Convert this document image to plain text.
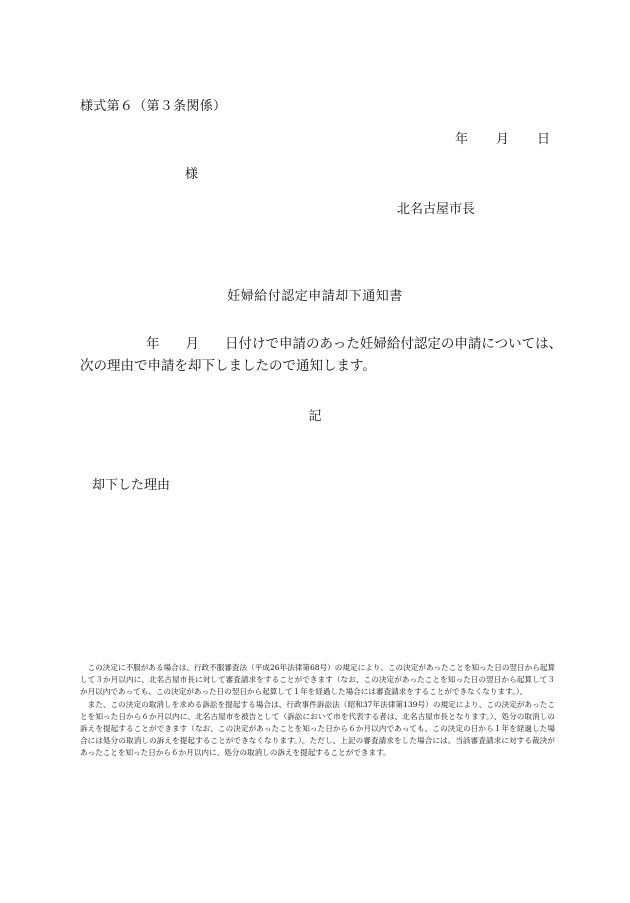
様式第６（第３条関係）
年 月 日
様
北名古屋市長
妊婦給付認定申請却下通知書
年 月 日付けで申請のあった妊婦給付認定の申請については、
次の理由で申請を却下しましたので通知します。
記
却下した理由

この決定に不服がある場合は、行政不服審査法（平成26年法律第68号）の規定により、この決定があったことを知った日の翌日から起算して３か月以内に、北名古屋市長に対して審査請求をすることができます（なお、この決定があったことを知った日の翌日から起算して３か月以内であっても、この決定があった日の翌日から起算して１年を経過した場合には審査請求をすることができなくなります。）。

また、この決定の取消しを求める訴訟を提起する場合は、行政事件訴訟法（昭和37年法律第139号）の規定により、この決定があったことを知った日から６か月以内に、北名古屋市を被告として（訴訟において市を代表する者は、北名古屋市長となります。）、処分の取消しの訴えを提起することができます（なお、この決定があったことを知った日から６か月以内であっても、この決定の日から１年を経過した場合には処分の取消しの訴えを提起することができなくなります。）。ただし、上記の審査請求をした場合には、当該審査請求に対する裁決があったことを知った日から６か月以内に、処分の取消しの訴えを提起することができます。
